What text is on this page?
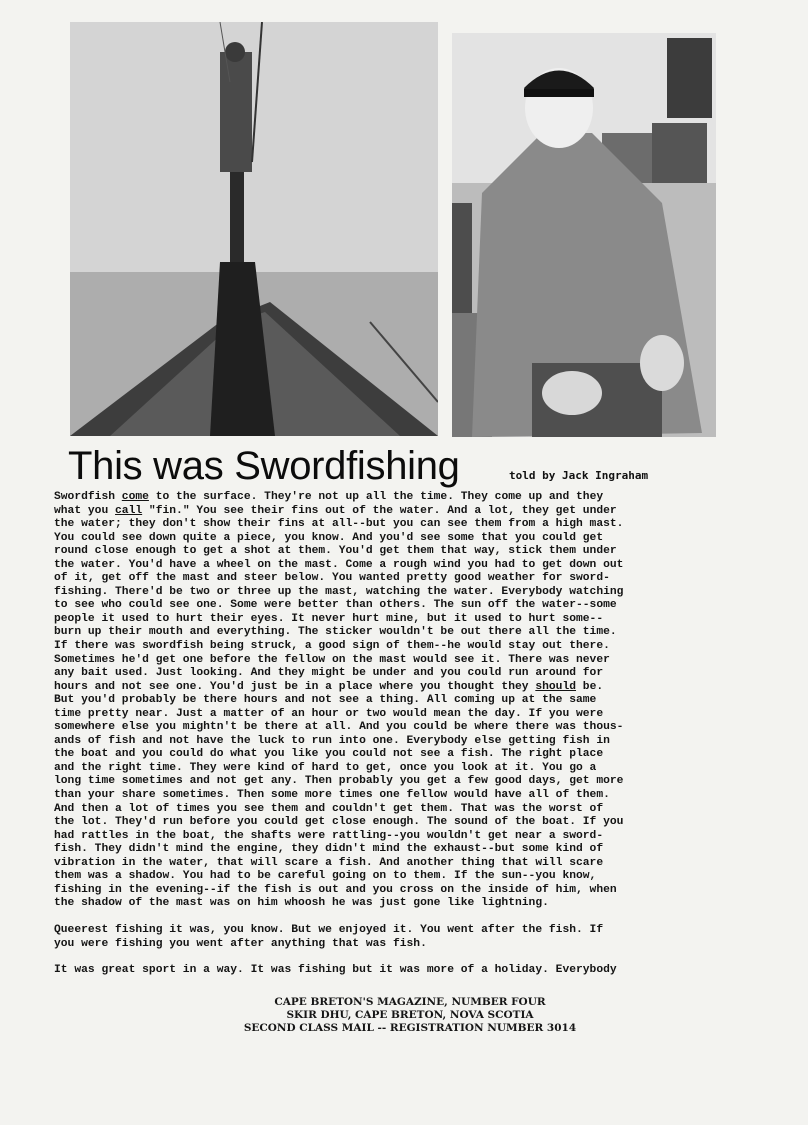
This was Swordfishing	told by Jack Ingraham

Swordfish come to the surface. They're not up all the time. They come up and they

what you call "fin." You see their fins out of the water. And a lot, they get under

the water; they don't show their fins at all--but you can see them from a high mast.

You could see down quite a piece, you know. And you'd see some that you could get

round close enough to get a shot at them. You'd get them that way, stick them under

the water. You'd have a wheel on the mast. Come a rough wind you had to get down out

of it, get off the mast and steer below. You wanted pretty good weather for sword-

fishing. There'd be two or three up the mast, watching the water. Everybody watching

to see who could see one. Some were better than others. The sun off the water--some

people it used to hurt their eyes. It never hurt mine, but it used to hurt some--

burn up their mouth and everything. The sticker wouldn't be out there all the time.

If there was swordfish being struck, a good sign of them--he would stay out there.

Sometimes he'd get one before the fellow on the mast would see it. There was never

any bait used. Just looking. And they might be under and you could run around for

hours and not see one. You'd just be in a place where you thought they should be.

But you'd probably be there hours and not see a thing. All coming up at the same

time pretty near. Just a matter of an hour or two would mean the day. If you were

somewhere else you mightn't be there at all. And you could be where there was thous-

ands of fish and not have the luck to run into one. Everybody else getting fish in

the boat and you could do what you like you could not see a fish. The right place

and the right time. They were kind of hard to get, once you look at it. You go a

long time sometimes and not get any. Then probably you get a few good days, get more

than your share sometimes. Then some more times one fellow would have all of them.

And then a lot of times you see them and couldn't get them. That was the worst of

the lot. They'd run before you could get close enough. The sound of the boat. If you

had rattles in the boat, the shafts were rattling--you wouldn't get near a sword-

fish. They didn't mind the engine, they didn't mind the exhaust--but some kind of

vibration in the water, that will scare a fish. And another thing that will scare

them was a shadow. You had to be careful going on to them. If the sun--you know,

fishing in the evening--if the fish is out and you cross on the inside of him, when

the shadow of the mast was on him whoosh he was just gone like lightning.

Queerest fishing it was, you know. But we enjoyed it. You went after the fish. If

you were fishing you went after anything that was fish.

It was great sport in a way. It was fishing but it was more of a holiday. Everybody

CAPE BRETON'S MAGAZINE, NUMBER FOUR
SKIR DHU, CAPE BRETON, NOVA SCOTIA
SECOND CLASS MAIL -- REGISTRATION NUMBER 3014
